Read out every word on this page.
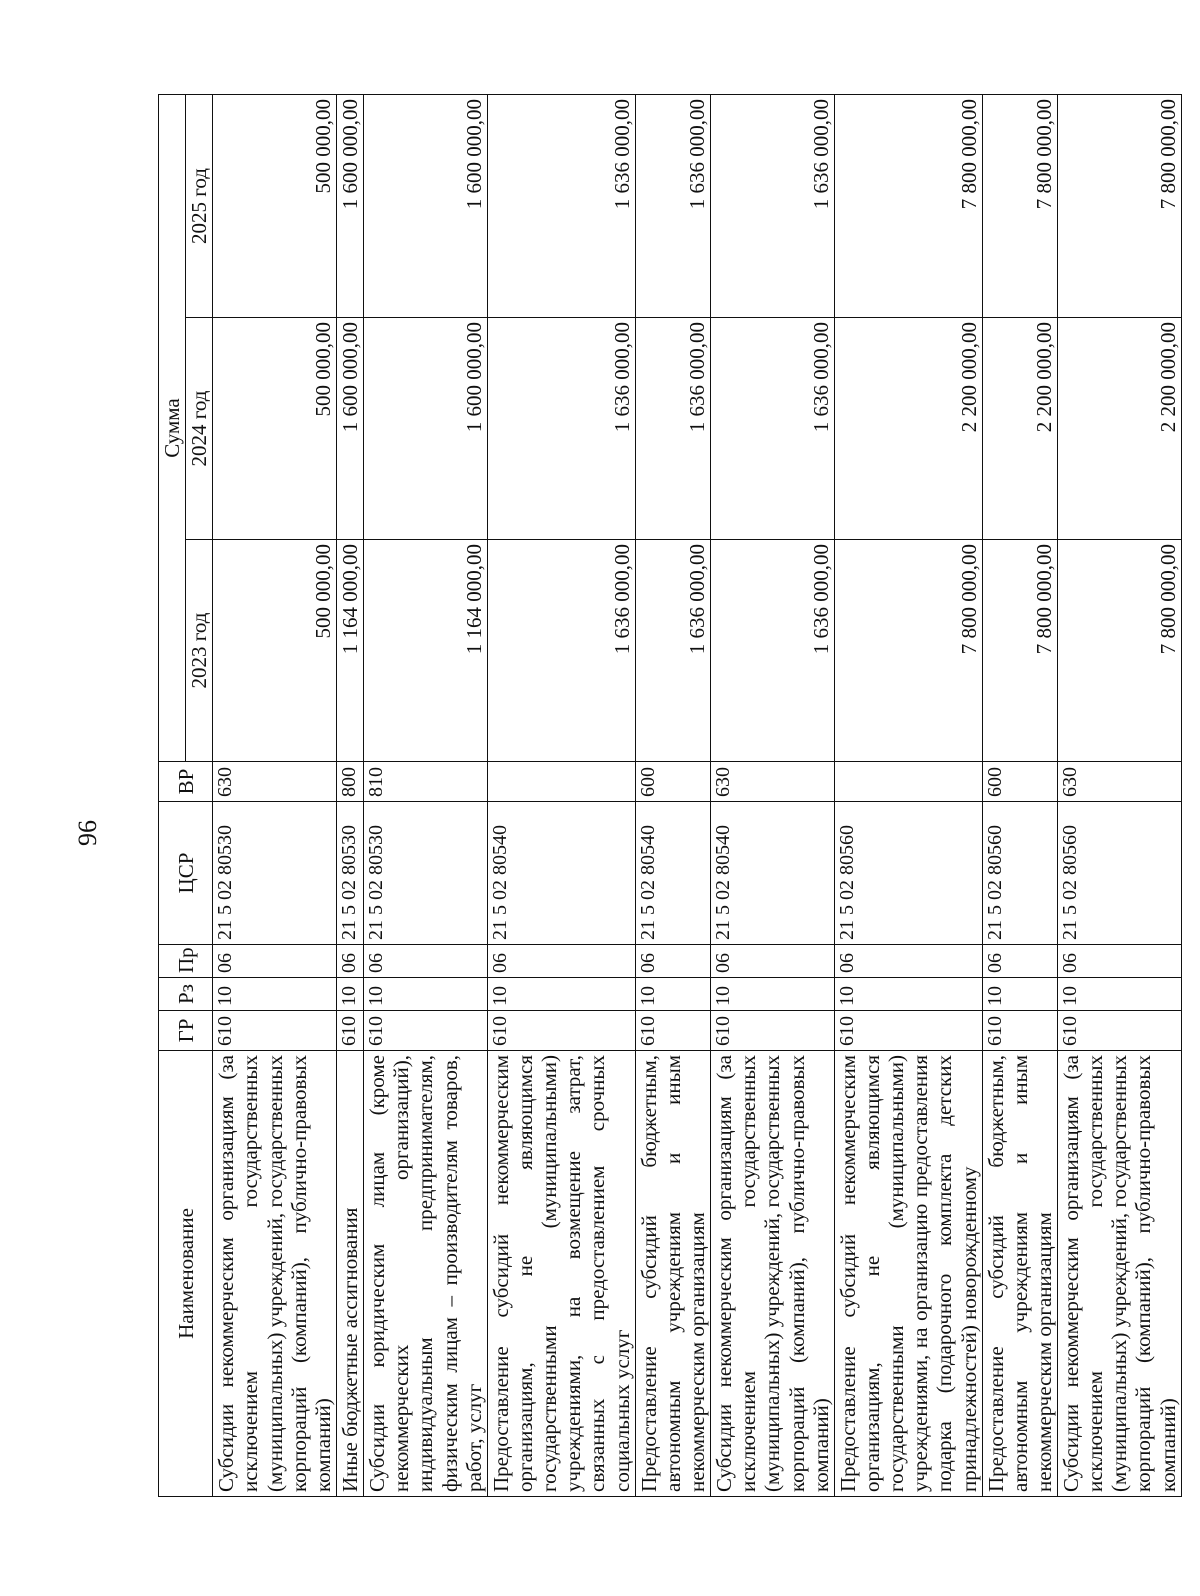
96
Наименование	ГР	Рз	Пр	ЦСР	ВР	Сумма		
						2023 год	2024 год	2025 год
Субсидии некоммерческим организациям (за исключением государственных (муниципальных) учреждений, государственных корпораций (компаний), публично-правовых компаний)	610	10	06	21 5 02 80530	630	500 000,00	500 000,00	500 000,00
Иные бюджетные ассигнования	610	10	06	21 5 02 80530	800	1 164 000,00	1 600 000,00	1 600 000,00
Субсидии юридическим лицам (кроме некоммерческих организаций), индивидуальным предпринимателям, физическим лицам – производителям товаров, работ, услуг	610	10	06	21 5 02 80530	810	1 164 000,00	1 600 000,00	1 600 000,00
Предоставление субсидий некоммерческим организациям, не являющимся государственными (муниципальными) учреждениями, на возмещение затрат, связанных с предоставлением срочных социальных услуг	610	10	06	21 5 02 80540		1 636 000,00	1 636 000,00	1 636 000,00
Предоставление субсидий бюджетным, автономным учреждениям и иным некоммерческим организациям	610	10	06	21 5 02 80540	600	1 636 000,00	1 636 000,00	1 636 000,00
Субсидии некоммерческим организациям (за исключением государственных (муниципальных) учреждений, государственных корпораций (компаний), публично-правовых компаний)	610	10	06	21 5 02 80540	630	1 636 000,00	1 636 000,00	1 636 000,00
Предоставление субсидий некоммерческим организациям, не являющимся государственными (муниципальными) учреждениями, на организацию предоставления подарка (подарочного комплекта детских принадлежностей) новорожденному	610	10	06	21 5 02 80560		7 800 000,00	2 200 000,00	7 800 000,00
Предоставление субсидий бюджетным, автономным учреждениям и иным некоммерческим организациям	610	10	06	21 5 02 80560	600	7 800 000,00	2 200 000,00	7 800 000,00
Субсидии некоммерческим организациям (за исключением государственных (муниципальных) учреждений, государственных корпораций (компаний), публично-правовых компаний)	610	10	06	21 5 02 80560	630	7 800 000,00	2 200 000,00	7 800 000,00
